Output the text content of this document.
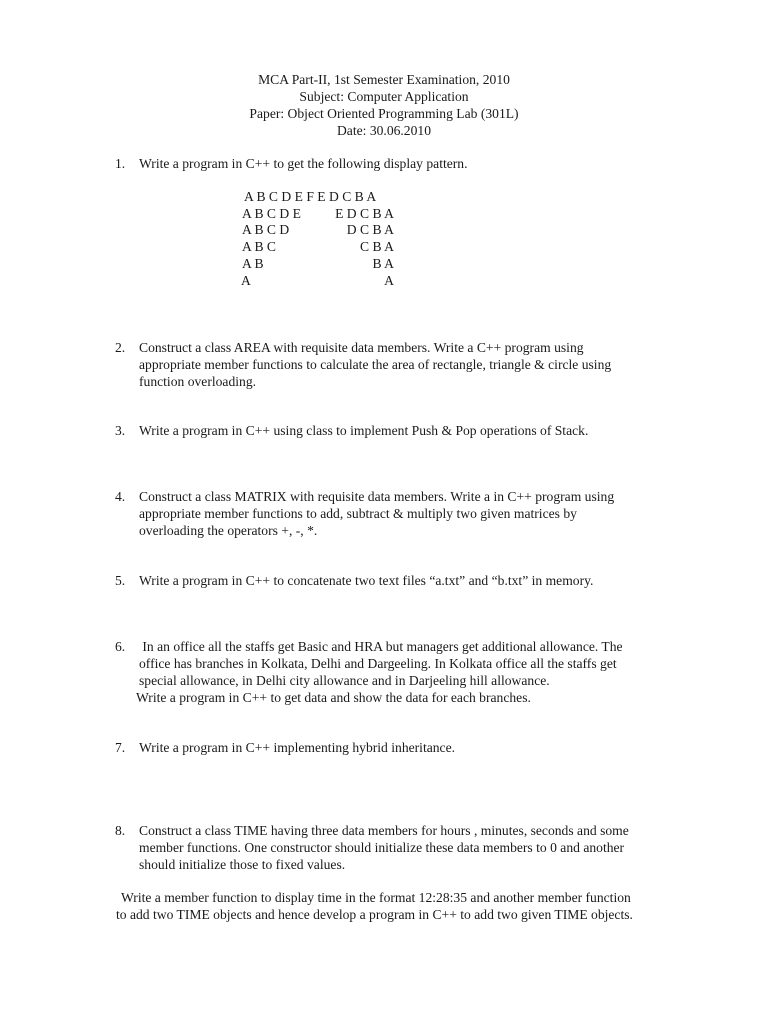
MCA Part-II, 1st Semester Examination, 2010
Subject: Computer Application
Paper: Object Oriented Programming Lab (301L)
Date: 30.06.2010
1. Write a program in C++ to get the following display pattern.
A B C D E F E D C B A
A B C D E	E D C B A
A B C D	D C B A
A B C	C B A
A B	B A
A	A
2. Construct a class AREA with requisite data members. Write a C++ program using
appropriate member functions to calculate the area of rectangle, triangle & circle using
function overloading.
3. Write a program in C++ using class to implement Push & Pop operations of Stack.
4. Construct a class MATRIX with requisite data members. Write a in C++ program using
appropriate member functions to add, subtract & multiply two given matrices by
overloading the operators +, -, *.
5. Write a program in C++ to concatenate two text files “a.txt” and “b.txt” in memory.
6. In an office all the staffs get Basic and HRA but managers get additional allowance. The
office has branches in Kolkata, Delhi and Dargeeling. In Kolkata office all the staffs get
special allowance, in Delhi city allowance and in Darjeeling hill allowance.
Write a program in C++ to get data and show the data for each branches.
7. Write a program in C++ implementing hybrid inheritance.
8. Construct a class TIME having three data members for hours , minutes, seconds and some
member functions. One constructor should initialize these data members to 0 and another
should initialize those to fixed values.
Write a member function to display time in the format 12:28:35 and another member function
to add two TIME objects and hence develop a program in C++ to add two given TIME objects.
